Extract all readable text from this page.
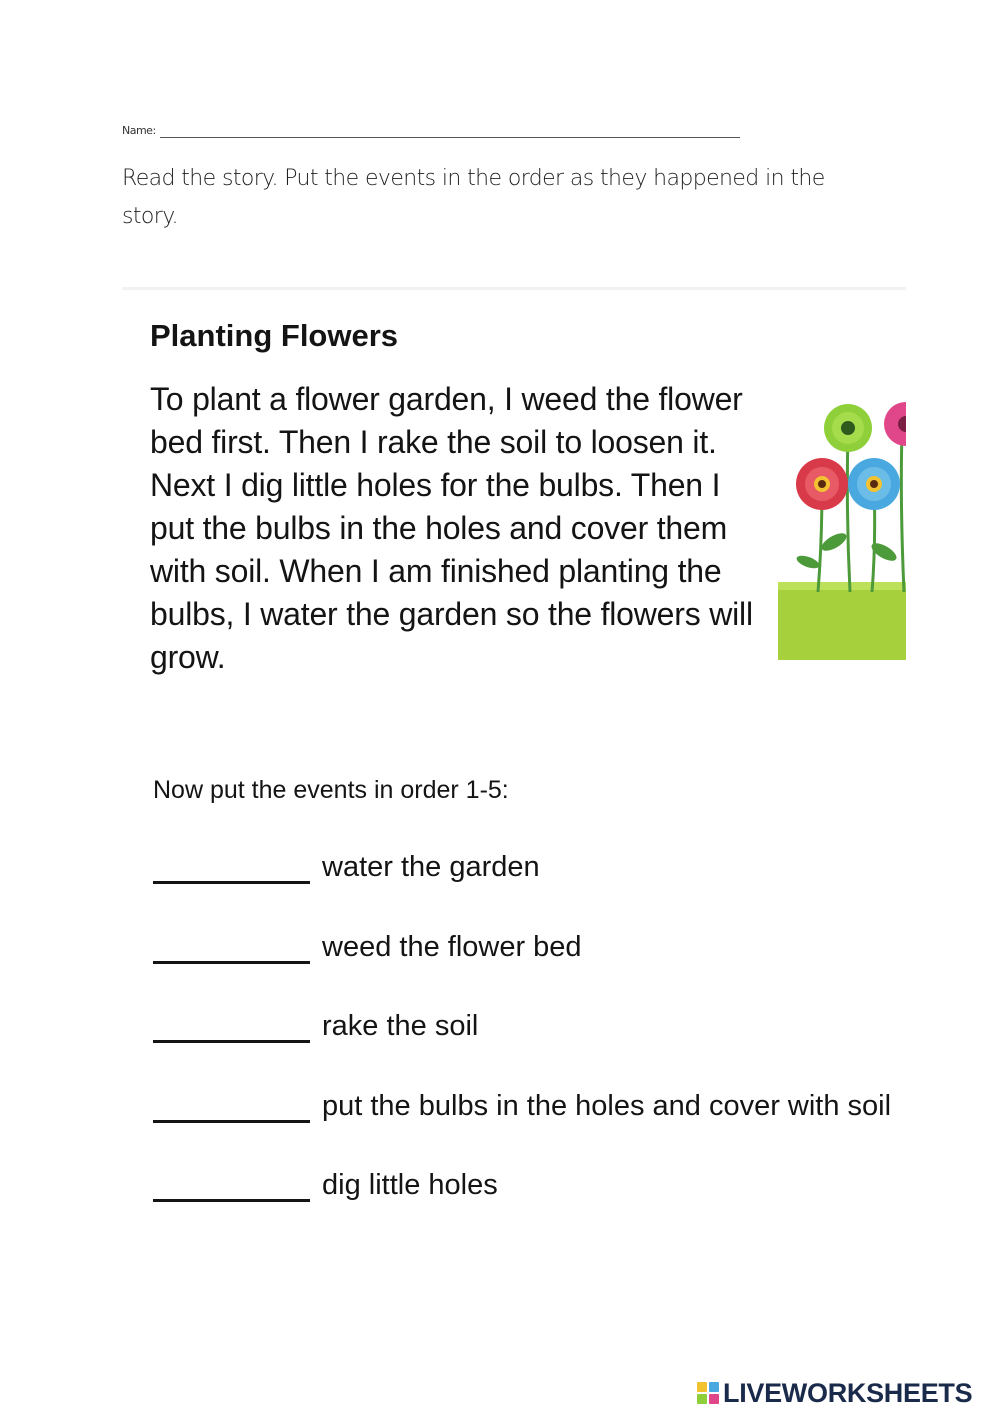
Name:
Read the story. Put the events in the order as they happened in the story.
Planting Flowers
To plant a flower garden, I weed the flower bed first. Then I rake the soil to loosen it. Next I dig little holes for the bulbs. Then I put the bulbs in the holes and cover them with soil. When I am finished planting the bulbs, I water the garden so the flowers will grow.
Now put the events in order 1-5:
water the garden
weed the flower bed
rake the soil
put the bulbs in the holes and cover with soil
dig little holes
LIVEWORKSHEETS
